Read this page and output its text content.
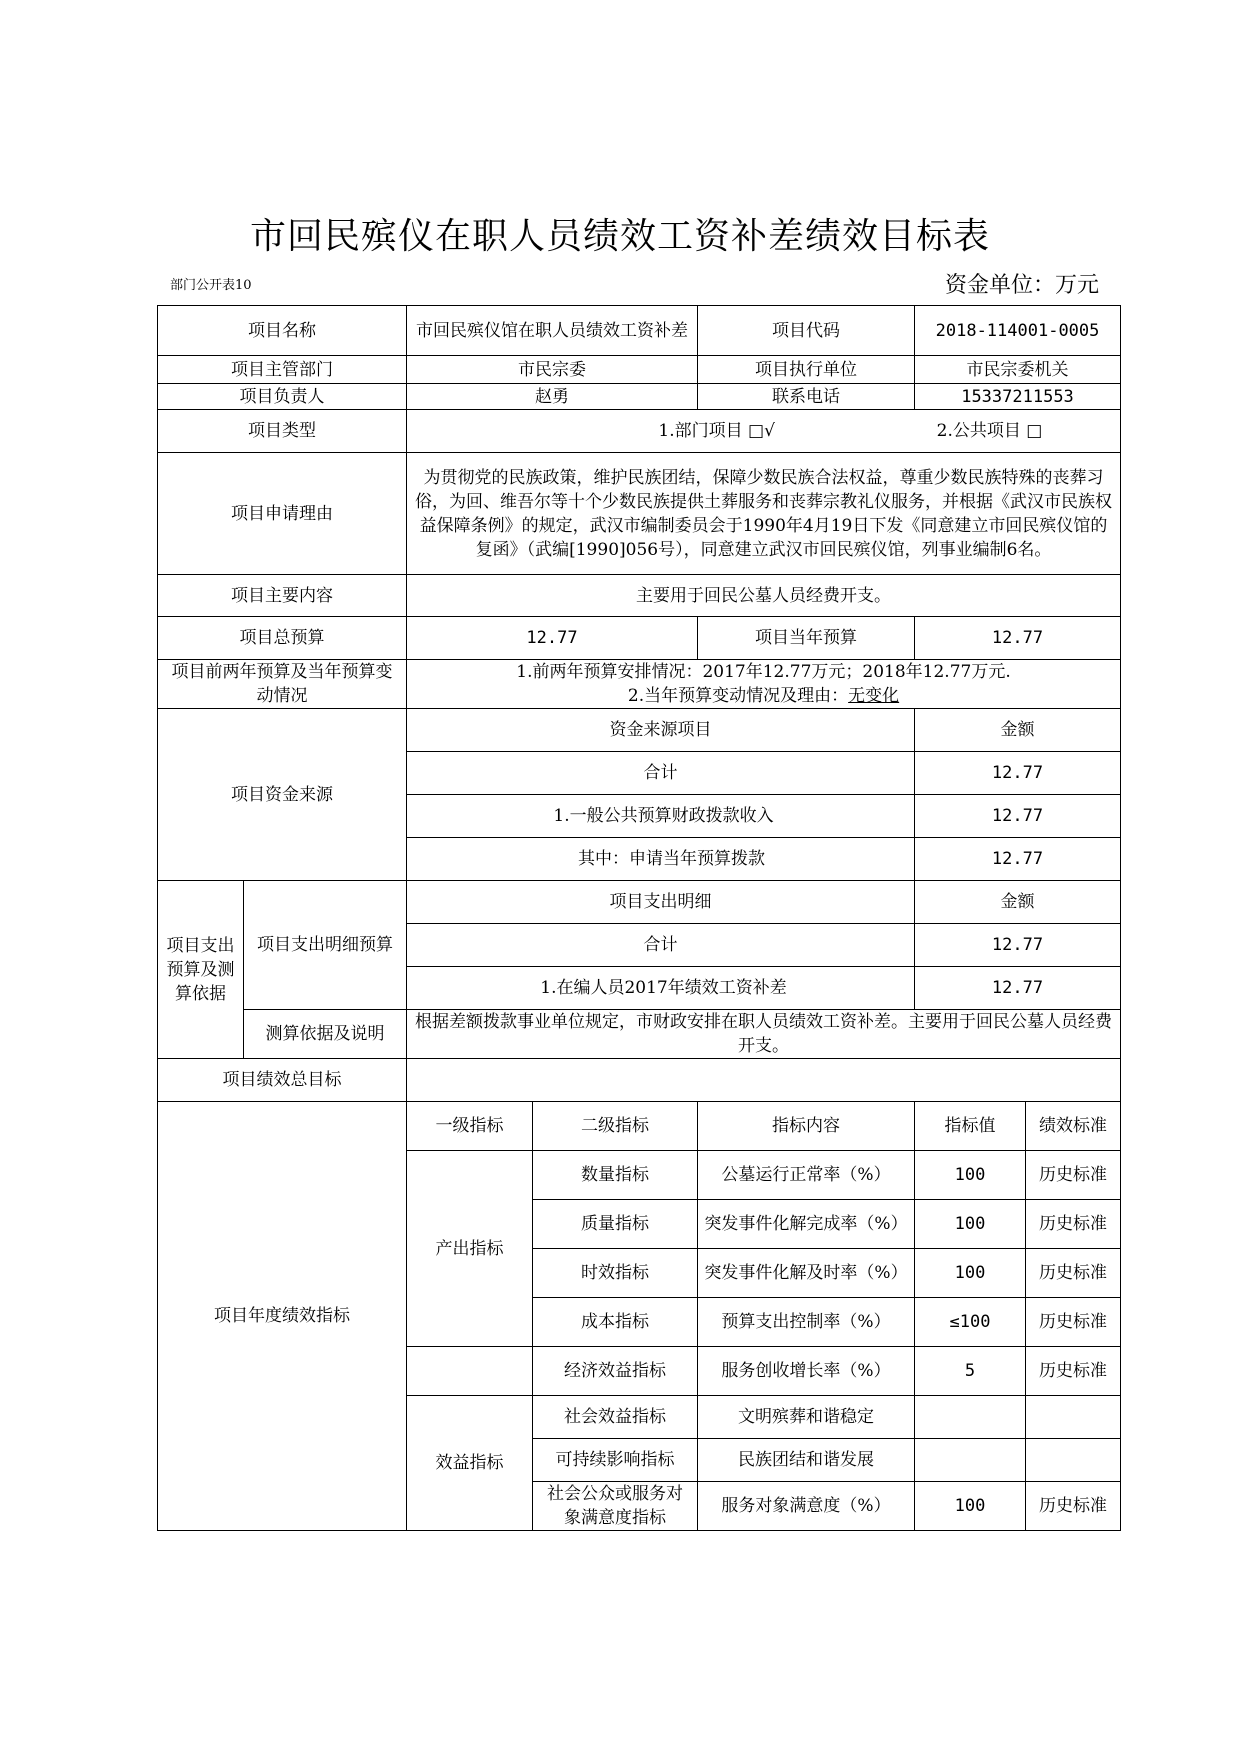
市回民殡仪在职人员绩效工资补差绩效目标表
部门公开表10	资金单位：万元
项目名称		市回民殡仪馆在职人员绩效工资补差		项目代码	2018-114001-0005	
项目主管部门		市民宗委		项目执行单位	市民宗委机关	
项目负责人		赵勇		联系电话	15337211553	
项目类型		1.部门项目 □√ 2.公共项目 □				
项目申请理由		为贯彻党的民族政策，维护民族团结，保障少数民族合法权益，尊重少数民族特殊的丧葬习俗，为回、维吾尔等十个少数民族提供土葬服务和丧葬宗教礼仪服务，并根据《武汉市民族权益保障条例》的规定，武汉市编制委员会于1990年4月19日下发《同意建立市回民殡仪馆的复函》（武编[1990]056号），同意建立武汉市回民殡仪馆，列事业编制6名。				
项目主要内容		主要用于回民公墓人员经费开支。				
项目总预算		12.77		项目当年预算	12.77	
项目前两年预算及当年预算变动情况		1.前两年预算安排情况：2017年12.77万元；2018年12.77万元.
2.当年预算变动情况及理由：无变化				

项目资金来源		资金来源项目			金额	
		合计			12.77	
		1.一般公共预算财政拨款收入			12.77	
		其中：申请当年预算拨款			12.77	
项目支出预算及测算依据	项目支出明细预算	项目支出明细			金额	
		合计			12.77	
		1.在编人员2017年绩效工资补差			12.77	
	测算依据及说明	根据差额拨款事业单位规定，市财政安排在职人员绩效工资补差。主要用于回民公墓人员经费开支。				
项目绩效总目标						
项目年度绩效指标		一级指标	二级指标	指标内容	指标值	绩效标准
		产出指标	数量指标	公墓运行正常率（%）	100	历史标准
			质量指标	突发事件化解完成率（%）	100	历史标准
			时效指标	突发事件化解及时率（%）	100	历史标准
			成本指标	预算支出控制率（%）	≤100	历史标准
			经济效益指标	服务创收增长率（%）	5	历史标准
		效益指标	社会效益指标	文明殡葬和谐稳定		
			可持续影响指标	民族团结和谐发展		
			社会公众或服务对象满意度指标	服务对象满意度（%）	100	历史标准
